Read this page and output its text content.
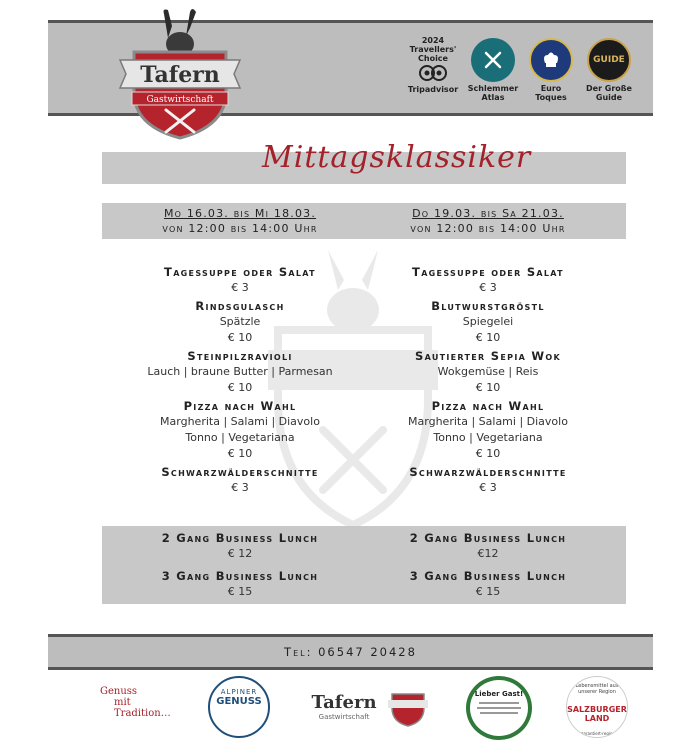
Tafern
Gastwirtschaft
2024
Travellers'
Choice
Tripadvisor	Schlemmer
Atlas
Euro
Toques
GUIDE
Der Große
Guide
Mittagsklassiker
Mo 16.03. bis Mi 18.03.
von 12:00 bis 14:00 Uhr
Do 19.03. bis Sa 21.03.
von 12:00 bis 14:00 Uhr
Tagessuppe oder Salat
€ 3
Rindsgulasch
Spätzle
€ 10
Steinpilzravioli
Lauch | braune Butter | Parmesan
€ 10
Pizza nach Wahl
Margherita | Salami | Diavolo
Tonno | Vegetariana
€ 10
Schwarzwälderschnitte
€ 3
Tagessuppe oder Salat
€ 3
Blutwurstgröstl
Spiegelei
€ 10
Sautierter Sepia Wok
Wokgemüse | Reis
€ 10
Pizza nach Wahl
Margherita | Salami | Diavolo
Tonno | Vegetariana
€ 10
Schwarzwälderschnitte
€ 3
2 Gang Business Lunch
€ 12
3 Gang Business Lunch
€ 15
2 Gang Business Lunch
€12
3 Gang Business Lunch
€ 15
Tel: 06547 20428
Genuss
mit Tradition…
ALPINER
GENUSS	Tafern
Gastwirtschaft
Lieber Gast!
Lebensmittel aus unserer Region
SALZBURGER LAND
www.garantiert-regional.at
